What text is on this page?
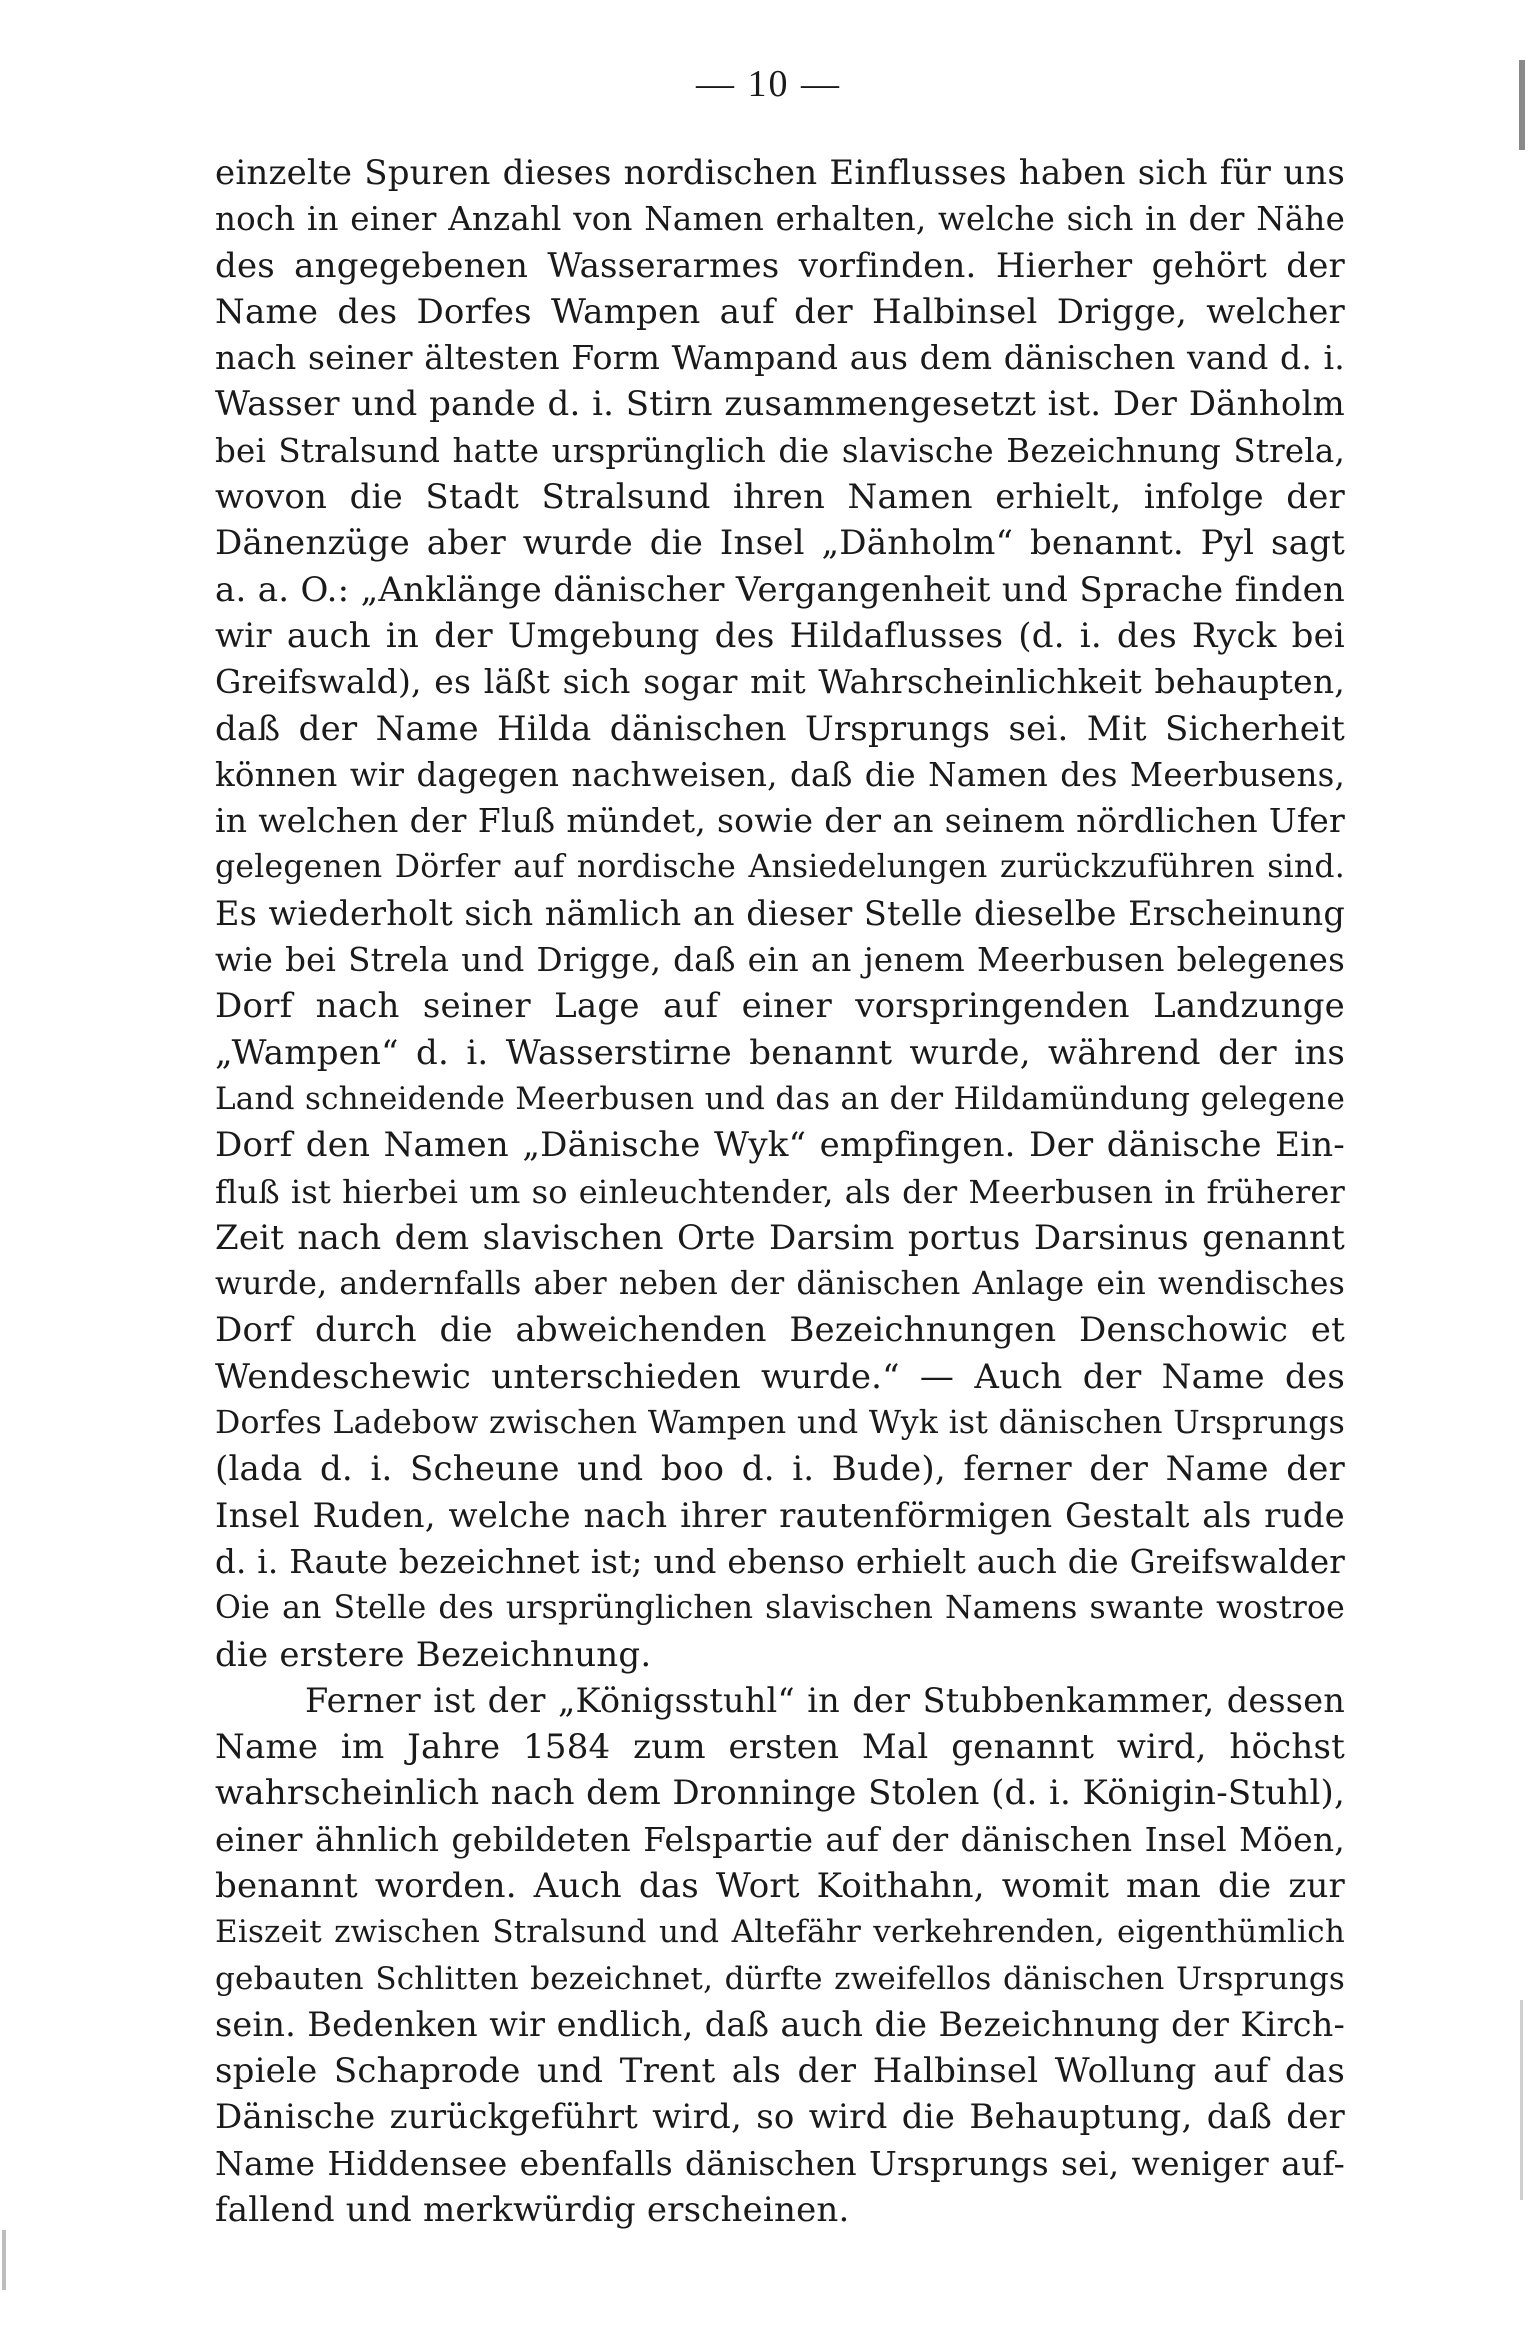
— 10 —
einzelte Spuren dieses nordischen Einflusses haben sich für uns
noch in einer Anzahl von Namen erhalten, welche sich in der Nähe
des angegebenen Wasserarmes vorfinden. Hierher gehört der
Name des Dorfes Wampen auf der Halbinsel Drigge, welcher
nach seiner ältesten Form Wampand aus dem dänischen vand d. i.
Wasser und pande d. i. Stirn zusammengesetzt ist. Der Dänholm
bei Stralsund hatte ursprünglich die slavische Bezeichnung Strela,
wovon die Stadt Stralsund ihren Namen erhielt, infolge der
Dänenzüge aber wurde die Insel „Dänholm“ benannt. Pyl sagt
a. a. O.: „Anklänge dänischer Vergangenheit und Sprache finden
wir auch in der Umgebung des Hildaflusses (d. i. des Ryck bei
Greifswald), es läßt sich sogar mit Wahrscheinlichkeit behaupten,
daß der Name Hilda dänischen Ursprungs sei. Mit Sicherheit
können wir dagegen nachweisen, daß die Namen des Meerbusens,
in welchen der Fluß mündet, sowie der an seinem nördlichen Ufer
gelegenen Dörfer auf nordische Ansiedelungen zurückzuführen sind.
Es wiederholt sich nämlich an dieser Stelle dieselbe Erscheinung
wie bei Strela und Drigge, daß ein an jenem Meerbusen belegenes
Dorf nach seiner Lage auf einer vorspringenden Landzunge
„Wampen“ d. i. Wasserstirne benannt wurde, während der ins
Land schneidende Meerbusen und das an der Hildamündung gelegene
Dorf den Namen „Dänische Wyk“ empfingen. Der dänische Ein-
fluß ist hierbei um so einleuchtender, als der Meerbusen in früherer
Zeit nach dem slavischen Orte Darsim portus Darsinus genannt
wurde, andernfalls aber neben der dänischen Anlage ein wendisches
Dorf durch die abweichenden Bezeichnungen Denschowic et
Wendeschewic unterschieden wurde.“ — Auch der Name des
Dorfes Ladebow zwischen Wampen und Wyk ist dänischen Ursprungs
(lada d. i. Scheune und boo d. i. Bude), ferner der Name der
Insel Ruden, welche nach ihrer rautenförmigen Gestalt als rude
d. i. Raute bezeichnet ist; und ebenso erhielt auch die Greifswalder
Oie an Stelle des ursprünglichen slavischen Namens swante wostroe
die erstere Bezeichnung.
Ferner ist der „Königsstuhl“ in der Stubbenkammer, dessen
Name im Jahre 1584 zum ersten Mal genannt wird, höchst
wahrscheinlich nach dem Dronninge Stolen (d. i. Königin-Stuhl),
einer ähnlich gebildeten Felspartie auf der dänischen Insel Möen,
benannt worden. Auch das Wort Koithahn, womit man die zur
Eiszeit zwischen Stralsund und Altefähr verkehrenden, eigenthümlich
gebauten Schlitten bezeichnet, dürfte zweifellos dänischen Ursprungs
sein. Bedenken wir endlich, daß auch die Bezeichnung der Kirch-
spiele Schaprode und Trent als der Halbinsel Wollung auf das
Dänische zurückgeführt wird, so wird die Behauptung, daß der
Name Hiddensee ebenfalls dänischen Ursprungs sei, weniger auf-
fallend und merkwürdig erscheinen.
